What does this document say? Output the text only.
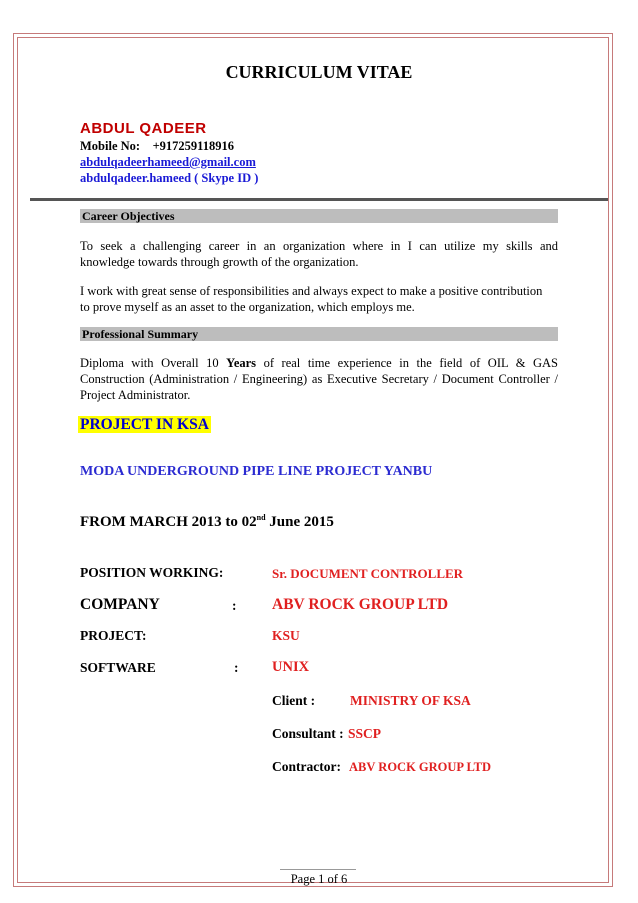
CURRICULUM VITAE
ABDUL QADEER
Mobile No: +917259118916
abdulqadeerhameed@gmail.com
abdulqadeer.hameed ( Skype ID )
Career Objectives
To seek a challenging career in an organization where in I can utilize my skills and
knowledge towards through growth of the organization.
I work with great sense of responsibilities and always expect to make a positive contribution
to prove myself as an asset to the organization, which employs me.
Professional Summary
Diploma with Overall 10 Years of real time experience in the field of OIL & GAS
Construction (Administration / Engineering) as Executive Secretary / Document Controller /
Project Administrator.
PROJECT IN KSA
MODA UNDERGROUND PIPE LINE PROJECT YANBU
FROM MARCH 2013 to 02nd June 2015
POSITION WORKING:	Sr. DOCUMENT CONTROLLER
COMPANY	: ABV ROCK GROUP LTD
PROJECT:	KSU
SOFTWARE	: UNIX
Client :	MINISTRY OF KSA
Consultant : SSCP
Contractor: ABV ROCK GROUP LTD
Page 1 of 6
